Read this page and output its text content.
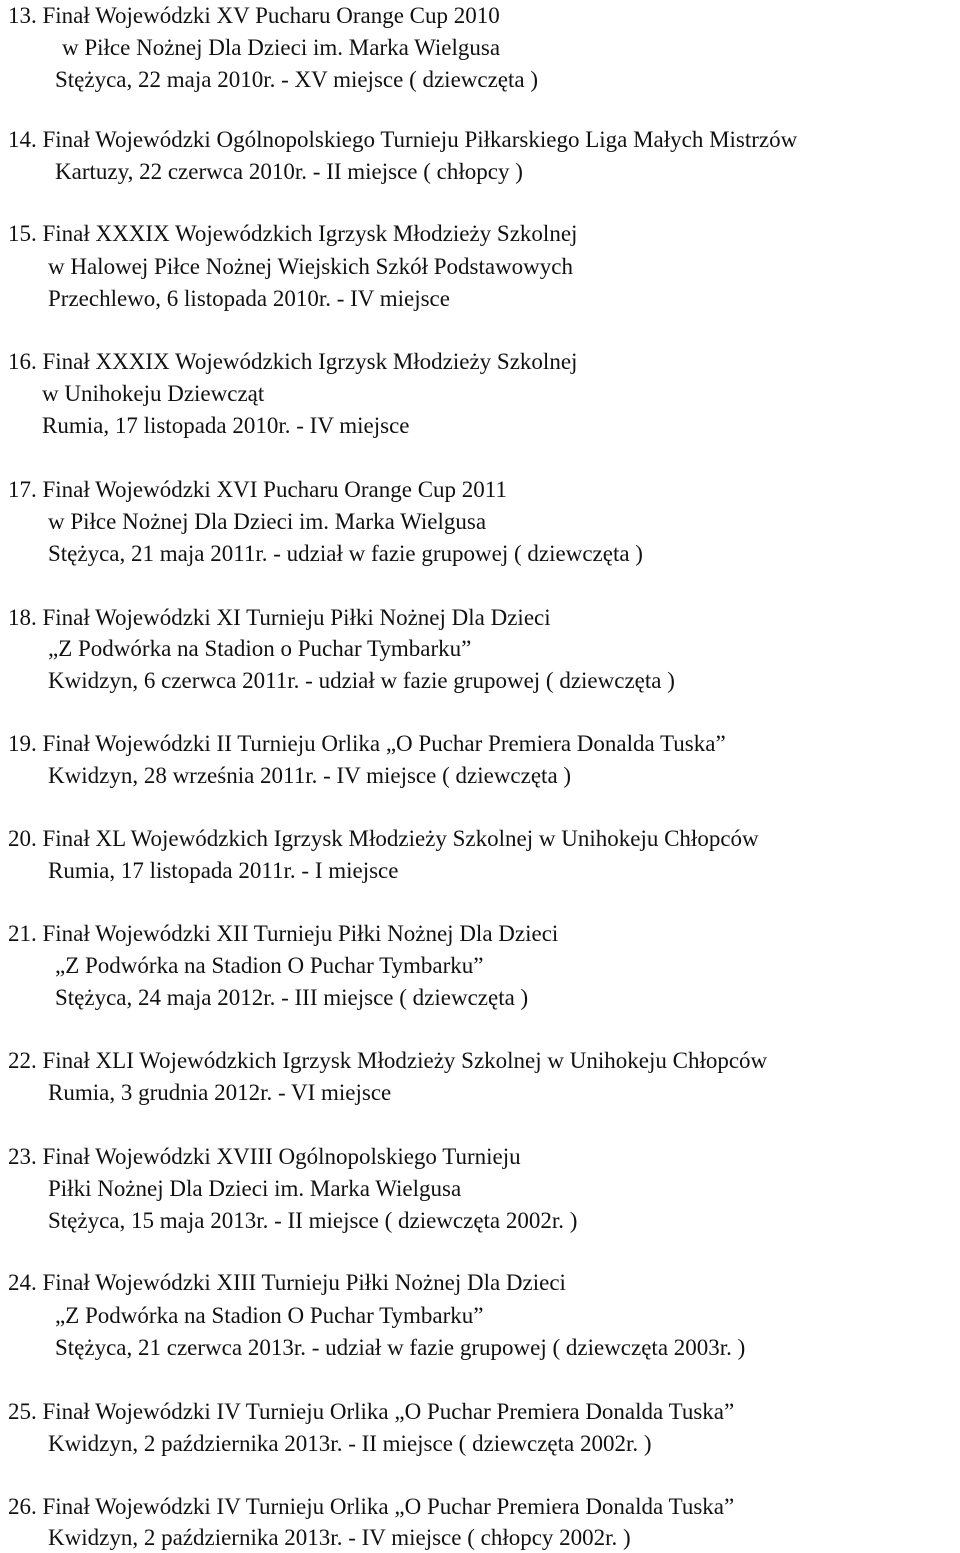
13. Finał Wojewódzki XV Pucharu Orange Cup 2010
w Piłce Nożnej Dla Dzieci im. Marka Wielgusa
Stężyca, 22 maja 2010r. - XV miejsce ( dziewczęta )
14. Finał Wojewódzki Ogólnopolskiego Turnieju Piłkarskiego Liga Małych Mistrzów
Kartuzy, 22 czerwca 2010r. - II miejsce ( chłopcy )
15. Finał XXXIX Wojewódzkich Igrzysk Młodzieży Szkolnej
w Halowej Piłce Nożnej Wiejskich Szkół Podstawowych
Przechlewo, 6 listopada 2010r. - IV miejsce
16. Finał XXXIX Wojewódzkich Igrzysk Młodzieży Szkolnej
w Unihokeju Dziewcząt
Rumia, 17 listopada 2010r. - IV miejsce
17. Finał Wojewódzki XVI Pucharu Orange Cup 2011
w Piłce Nożnej Dla Dzieci im. Marka Wielgusa
Stężyca, 21 maja 2011r. - udział w fazie grupowej ( dziewczęta )
18. Finał Wojewódzki XI Turnieju Piłki Nożnej Dla Dzieci
„Z Podwórka na Stadion o Puchar Tymbarku”
Kwidzyn, 6 czerwca 2011r. - udział w fazie grupowej ( dziewczęta )
19. Finał Wojewódzki II Turnieju Orlika „O Puchar Premiera Donalda Tuska”
Kwidzyn, 28 września 2011r. - IV miejsce ( dziewczęta )
20. Finał XL Wojewódzkich Igrzysk Młodzieży Szkolnej w Unihokeju Chłopców
Rumia, 17 listopada 2011r. - I miejsce
21. Finał Wojewódzki XII Turnieju Piłki Nożnej Dla Dzieci
„Z Podwórka na Stadion O Puchar Tymbarku”
Stężyca, 24 maja 2012r. - III miejsce ( dziewczęta )
22. Finał XLI Wojewódzkich Igrzysk Młodzieży Szkolnej w Unihokeju Chłopców
Rumia, 3 grudnia 2012r. - VI miejsce
23. Finał Wojewódzki XVIII Ogólnopolskiego Turnieju
Piłki Nożnej Dla Dzieci im. Marka Wielgusa
Stężyca, 15 maja 2013r. - II miejsce ( dziewczęta 2002r. )
24. Finał Wojewódzki XIII Turnieju Piłki Nożnej Dla Dzieci
„Z Podwórka na Stadion O Puchar Tymbarku”
Stężyca, 21 czerwca 2013r. - udział w fazie grupowej ( dziewczęta 2003r. )
25. Finał Wojewódzki IV Turnieju Orlika „O Puchar Premiera Donalda Tuska”
Kwidzyn, 2 października 2013r. - II miejsce ( dziewczęta 2002r. )
26. Finał Wojewódzki IV Turnieju Orlika „O Puchar Premiera Donalda Tuska”
Kwidzyn, 2 października 2013r. - IV miejsce ( chłopcy 2002r. )
